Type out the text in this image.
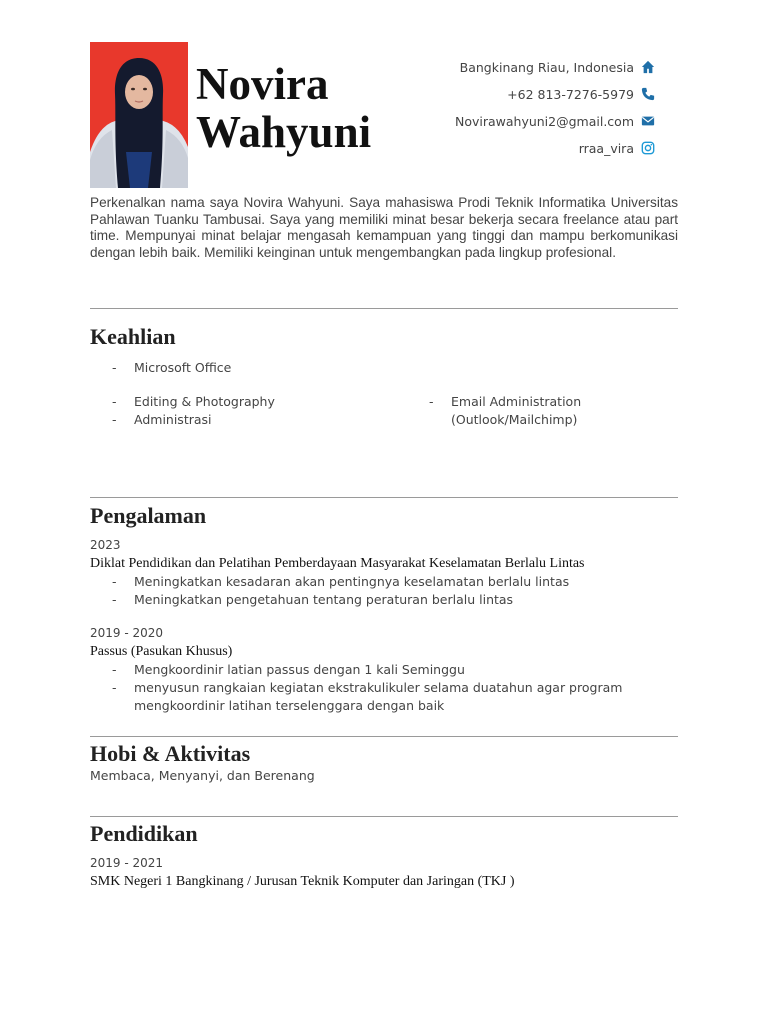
Novira
Wahyuni
Bangkinang Riau, Indonesia
+62 813-7276-5979
Novirawahyuni2@gmail.com
rraa_vira
Perkenalkan nama saya Novira Wahyuni. Saya mahasiswa Prodi Teknik Informatika Universitas Pahlawan Tuanku Tambusai. Saya yang memiliki minat besar bekerja secara freelance atau part time. Mempunyai minat belajar mengasah kemampuan yang tinggi dan mampu berkomunikasi dengan lebih baik. Memiliki keinginan untuk mengembangkan pada lingkup profesional.
Keahlian
- Microsoft Office
- Editing & Photography
- Administrasi
- Email Administration
(Outlook/Mailchimp)
Pengalaman
2023
Diklat Pendidikan dan Pelatihan Pemberdayaan Masyarakat Keselamatan Berlalu Lintas
- Meningkatkan kesadaran akan pentingnya keselamatan berlalu lintas
- Meningkatkan pengetahuan tentang peraturan berlalu lintas
2019 - 2020
Passus (Pasukan Khusus)
- Mengkoordinir latian passus dengan 1 kali Seminggu
- menyusun rangkaian kegiatan ekstrakulikuler selama duatahun agar program mengkoordinir latihan terselenggara dengan baik
Hobi & Aktivitas
Membaca, Menyanyi, dan Berenang
Pendidikan
2019 - 2021
SMK Negeri 1 Bangkinang / Jurusan Teknik Komputer dan Jaringan (TKJ )
